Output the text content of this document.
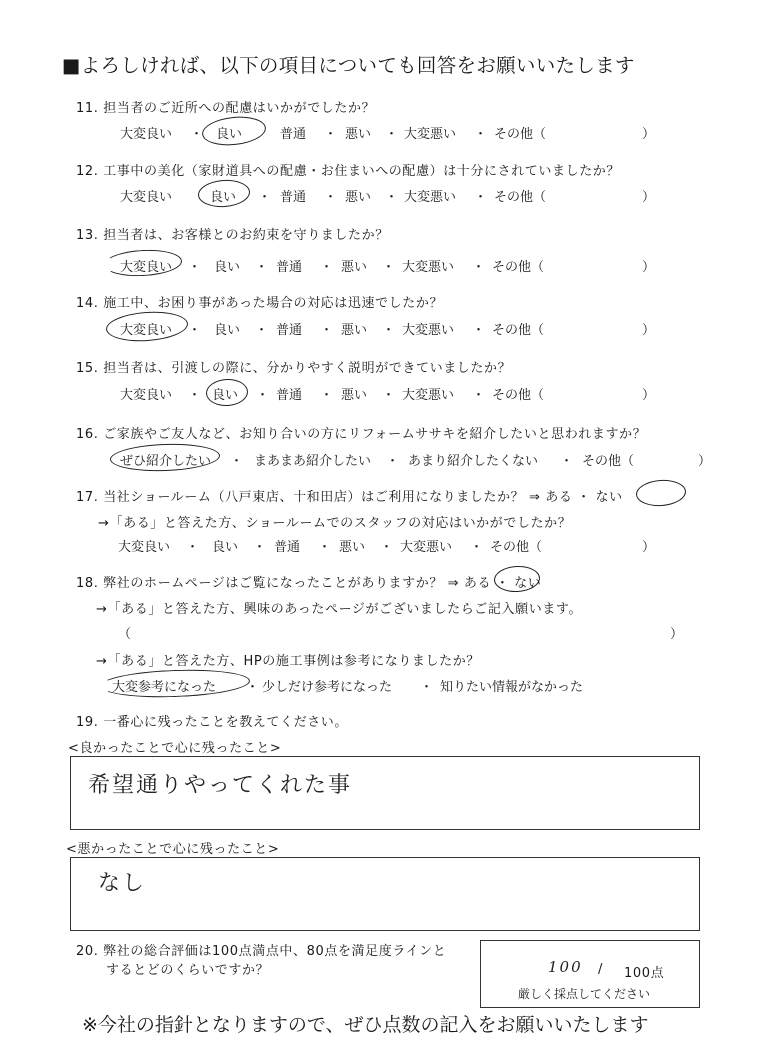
■よろしければ、以下の項目についても回答をお願いいたします
11. 担当者のご近所への配慮はいかがでしたか？
大変良い ・ 良い	普通 ・ 悪い ・ 大変悪い ・ その他（	）
12. 工事中の美化（家財道具への配慮・お住まいへの配慮）は十分にされていましたか？
大変良い	良い ・ 普通 ・ 悪い ・ 大変悪い ・ その他（	）
13. 担当者は、お客様とのお約束を守りましたか？
大変良い ・ 良い ・ 普通 ・ 悪い ・ 大変悪い ・ その他（	）
14. 施工中、お困り事があった場合の対応は迅速でしたか？
大変良い ・ 良い ・ 普通 ・ 悪い ・ 大変悪い ・ その他（	）
15. 担当者は、引渡しの際に、分かりやすく説明ができていましたか？
大変良い ・ 良い ・ 普通 ・ 悪い ・ 大変悪い ・ その他（	）
16. ご家族やご友人など、お知り合いの方にリフォームササキを紹介したいと思われますか？
ぜひ紹介したい ・ まあまあ紹介したい ・ あまり紹介したくない ・ その他（	）
17. 当社ショールーム（八戸東店、十和田店）はご利用になりましたか？ ⇒ ある ・ ない
→「ある」と答えた方、ショールームでのスタッフの対応はいかがでしたか？
大変良い ・ 良い ・ 普通 ・ 悪い ・ 大変悪い ・ その他（	）
18. 弊社のホームページはご覧になったことがありますか？ ⇒ ある ・ ない
→「ある」と答えた方、興味のあったページがございましたらご記入願います。
（	）
→「ある」と答えた方、HPの施工事例は参考になりましたか？
大変参考になった ・ 少しだけ参考になった ・ 知りたい情報がなかった
19. 一番心に残ったことを教えてください。
<良かったことで心に残ったこと>
希望通りやってくれた事
<悪かったことで心に残ったこと>
なし
20. 弊社の総合評価は100点満点中、80点を満足度ラインと
するとどのくらいですか？	100 / 100点
厳しく採点してください
※今社の指針となりますので、ぜひ点数の記入をお願いいたします
